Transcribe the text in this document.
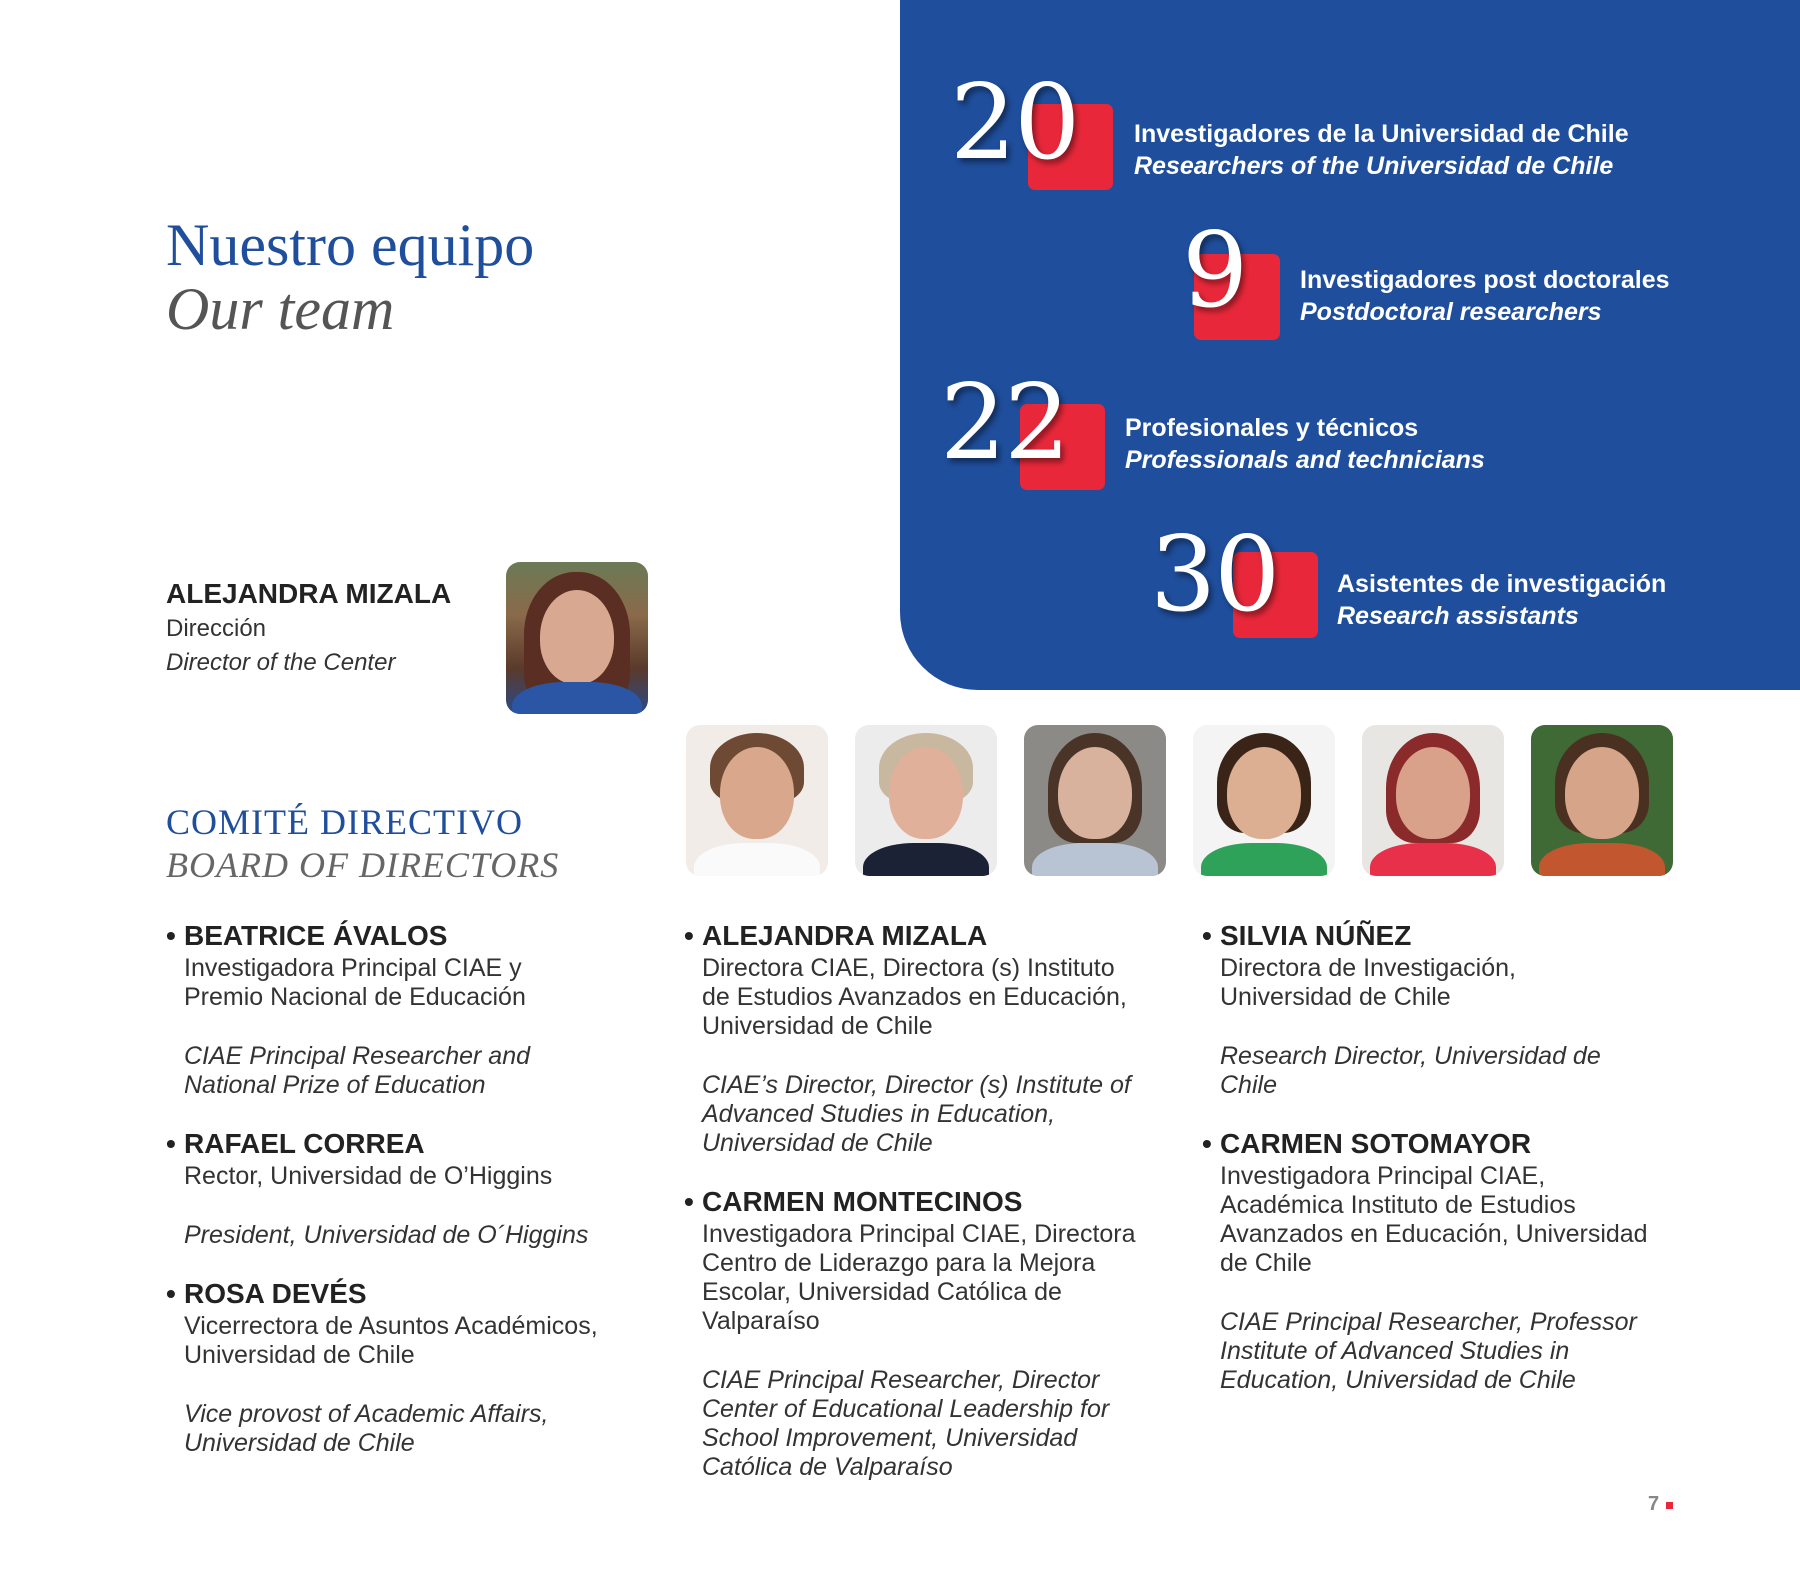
20 Investigadores de la Universidad de Chile
Researchers of the Universidad de Chile
9 Investigadores post doctorales
Postdoctoral researchers
22 Profesionales y técnicos
Professionals and technicians
30 Asistentes de investigación
Research assistants
Nuestro equipo
Our team
ALEJANDRA MIZALA
Dirección
Director of the Center
COMITÉ DIRECTIVO
BOARD OF DIRECTORS
• BEATRICE ÁVALOS
Investigadora Principal CIAE y Premio Nacional de Educación
CIAE Principal Researcher and National Prize of Education
• RAFAEL CORREA
Rector, Universidad de O’Higgins
President, Universidad de O´Higgins
• ROSA DEVÉS
Vicerrectora de Asuntos Académicos, Universidad de Chile
Vice provost of Academic Affairs, Universidad de Chile
• ALEJANDRA MIZALA
Directora CIAE, Directora (s) Instituto de Estudios Avanzados en Educación, Universidad de Chile
CIAE’s Director, Director (s) Institute of Advanced Studies in Education, Universidad de Chile
• CARMEN MONTECINOS
Investigadora Principal CIAE, Directora Centro de Liderazgo para la Mejora Escolar, Universidad Católica de Valparaíso
CIAE Principal Researcher, Director Center of Educational Leadership for School Improvement, Universidad Católica de Valparaíso
• SILVIA NÚÑEZ
Directora de Investigación, Universidad de Chile
Research Director, Universidad de Chile
• CARMEN SOTOMAYOR
Investigadora Principal CIAE, Académica Instituto de Estudios Avanzados en Educación, Universidad de Chile
CIAE Principal Researcher, Professor Institute of Advanced Studies in Education, Universidad de Chile
7
